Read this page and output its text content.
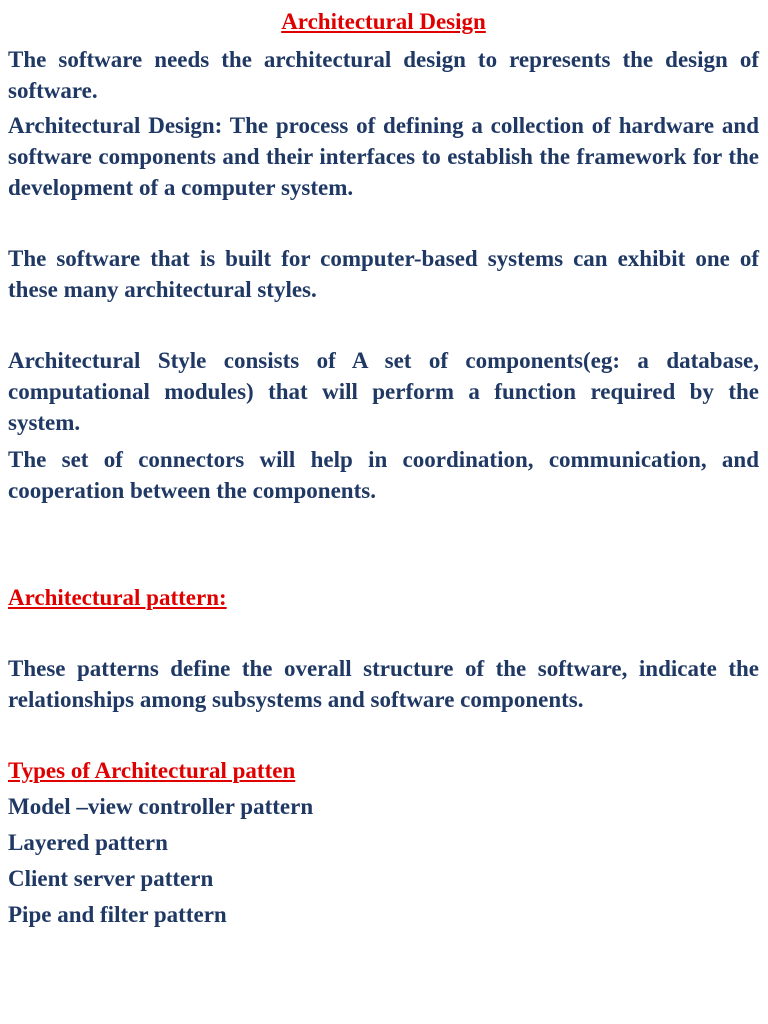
Architectural Design
The software needs the architectural design to represents the design of software.
Architectural Design: The process of defining a collection of hardware and software components and their interfaces to establish the framework for the development of a computer system.
The software that is built for computer-based systems can exhibit one of these many architectural styles.
Architectural Style consists of A set of components(eg: a database, computational modules) that will perform a function required by the system.
The set of connectors will help in coordination, communication, and cooperation between the components.
Architectural pattern:
These patterns define the overall structure of the software, indicate the relationships among subsystems and software components.
Types of Architectural patten
Model –view controller pattern
Layered pattern
Client server pattern
Pipe and filter pattern
